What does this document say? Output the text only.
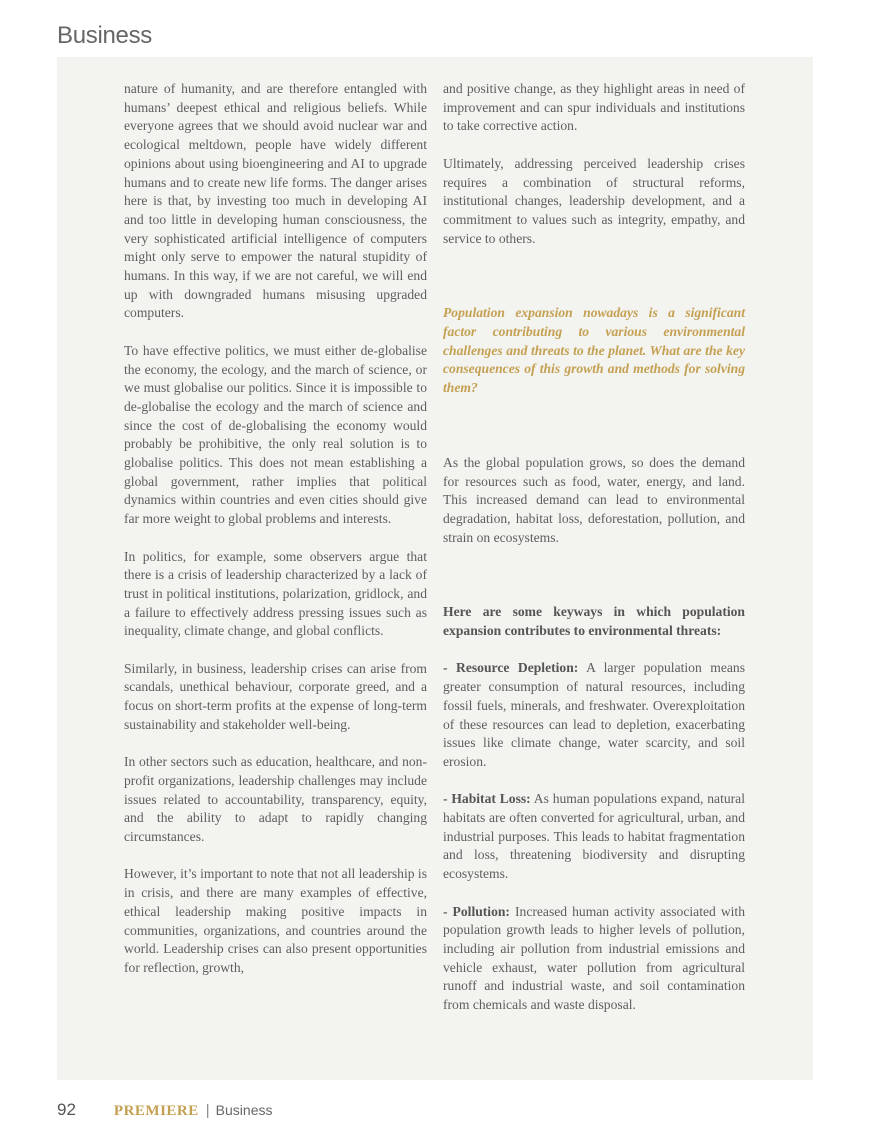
Business

nature of humanity, and are therefore entangled with humans’ deepest ethical and religious beliefs. While everyone agrees that we should avoid nuclear war and ecological meltdown, people have widely different opinions about using bioengineering and AI to upgrade humans and to create new life forms. The danger arises here is that, by investing too much in developing AI and too little in developing human consciousness, the very sophisticated artificial intelligence of computers might only serve to empower the natural stupidity of humans. In this way, if we are not careful, we will end up with downgraded humans misusing upgraded computers.

To have effective politics, we must either de-globalise the economy, the ecology, and the march of science, or we must globalise our politics. Since it is impossible to de-globalise the ecology and the march of science and since the cost of de-globalising the economy would probably be prohibitive, the only real solution is to globalise politics. This does not mean establishing a global government, rather implies that political dynamics within countries and even cities should give far more weight to global problems and interests.

In politics, for example, some observers argue that there is a crisis of leadership characterized by a lack of trust in political institutions, polarization, gridlock, and a failure to effectively address pressing issues such as inequality, climate change, and global conflicts.

Similarly, in business, leadership crises can arise from scandals, unethical behaviour, corporate greed, and a focus on short-term profits at the expense of long-term sustainability and stakeholder well-being.

In other sectors such as education, healthcare, and non-profit organizations, leadership challenges may include issues related to accountability, transparency, equity, and the ability to adapt to rapidly changing circumstances.

However, it’s important to note that not all leadership is in crisis, and there are many examples of effective, ethical leadership making positive impacts in communities, organizations, and countries around the world. Leadership crises can also present opportunities for reflection, growth,

and positive change, as they highlight areas in need of improvement and can spur individuals and institutions to take corrective action.

Ultimately, addressing perceived leadership crises requires a combination of structural reforms, institutional changes, leadership development, and a commitment to values such as integrity, empathy, and service to others.

Population expansion nowadays is a significant factor contributing to various environmental challenges and threats to the planet. What are the key consequences of this growth and methods for solving them?

As the global population grows, so does the demand for resources such as food, water, energy, and land. This increased demand can lead to environmental degradation, habitat loss, deforestation, pollution, and strain on ecosystems.

Here are some keyways in which population expansion contributes to environmental threats:

- Resource Depletion: A larger population means greater consumption of natural resources, including fossil fuels, minerals, and freshwater. Overexploitation of these resources can lead to depletion, exacerbating issues like climate change, water scarcity, and soil erosion.

- Habitat Loss: As human populations expand, natural habitats are often converted for agricultural, urban, and industrial purposes. This leads to habitat fragmentation and loss, threatening biodiversity and disrupting ecosystems.

- Pollution: Increased human activity associated with population growth leads to higher levels of pollution, including air pollution from industrial emissions and vehicle exhaust, water pollution from agricultural runoff and industrial waste, and soil contamination from chemicals and waste disposal.

92	PREMIERE | Business
